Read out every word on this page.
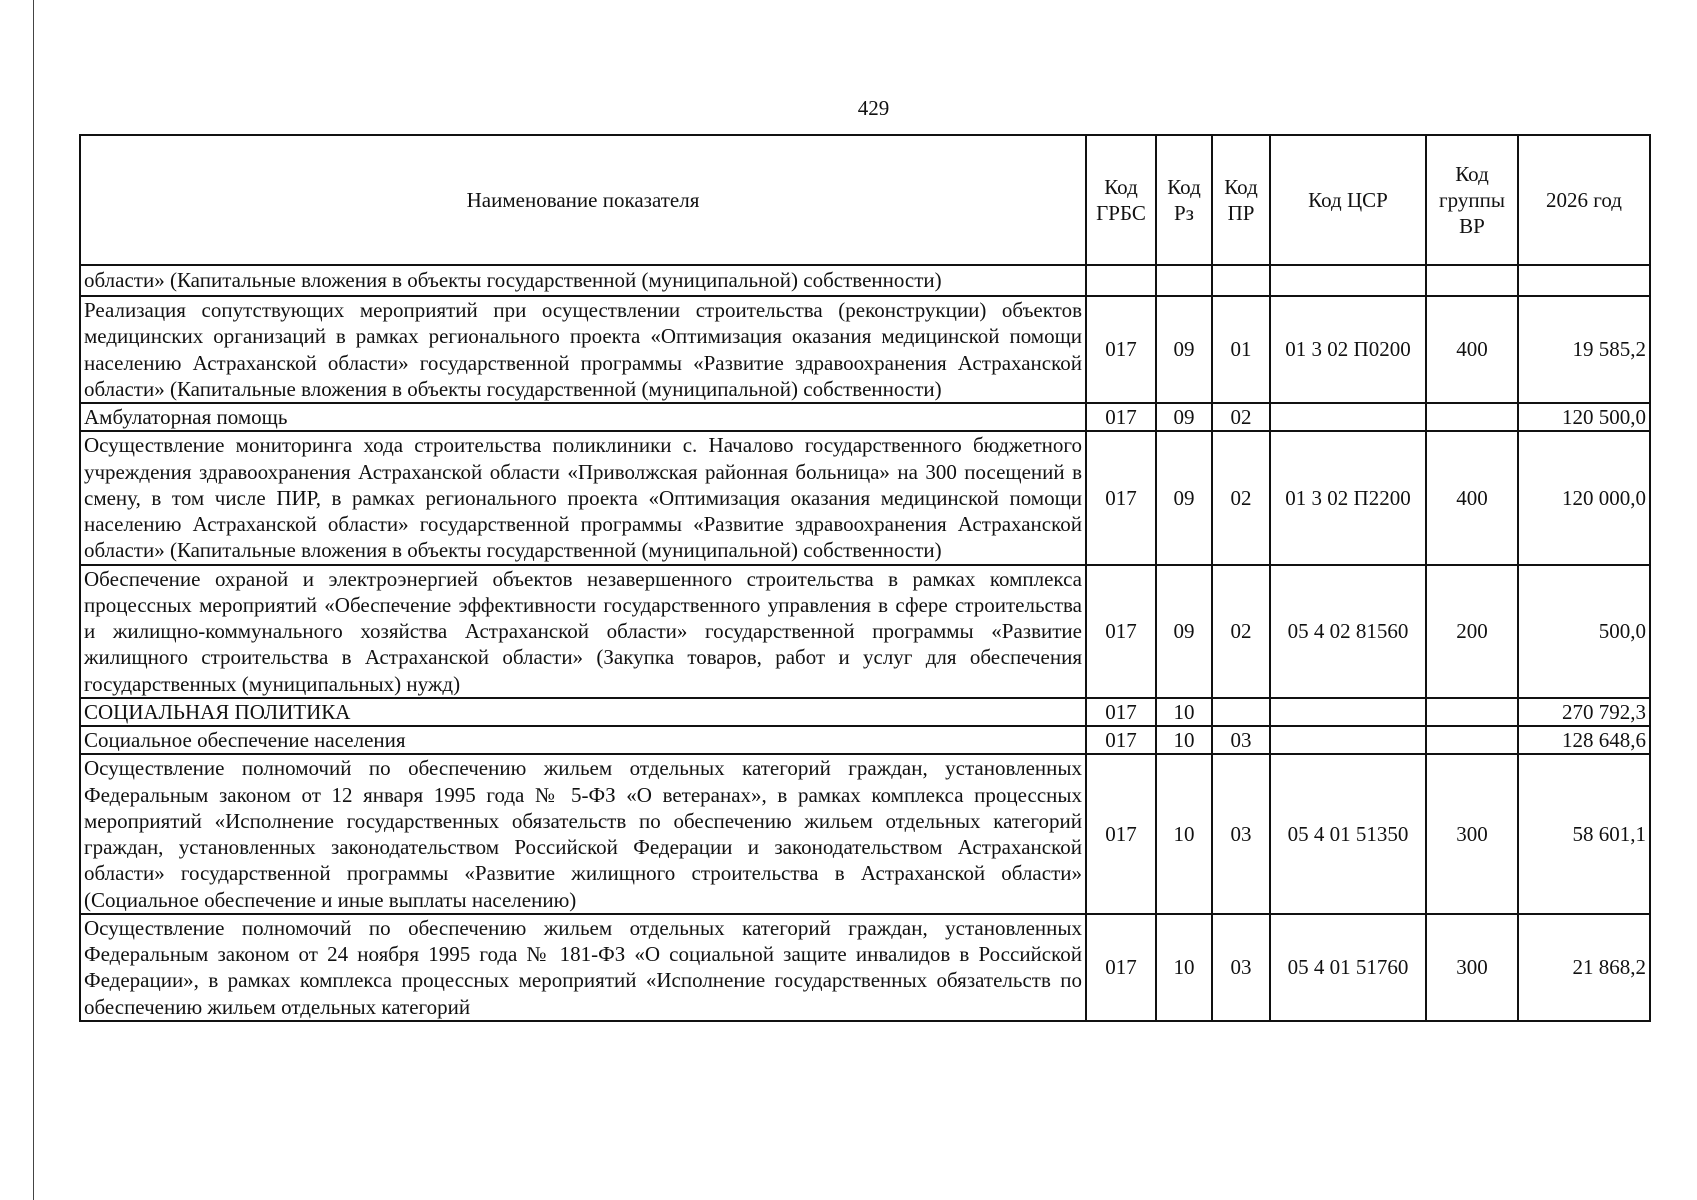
429
Наименование показателя	Код ГРБС	Код Рз	Код ПР	Код ЦСР	Код группы ВР	2026 год
области» (Капитальные вложения в объекты государственной (муниципальной) собственности)						
Реализация сопутствующих мероприятий при осуществлении строительства (реконструкции) объектов медицинских организаций в рамках регионального проекта «Оптимизация оказания медицинской помощи населению Астраханской области» государственной программы «Развитие здравоохранения Астраханской области» (Капитальные вложения в объекты государственной (муниципальной) собственности)	017	09	01	01 3 02 П0200	400	19 585,2
Амбулаторная помощь	017	09	02			120 500,0
Осуществление мониторинга хода строительства поликлиники с. Началово государственного бюджетного учреждения здравоохранения Астраханской области «Приволжская районная больница» на 300 посещений в смену, в том числе ПИР, в рамках регионального проекта «Оптимизация оказания медицинской помощи населению Астраханской области» государственной программы «Развитие здравоохранения Астраханской области» (Капитальные вложения в объекты государственной (муниципальной) собственности)	017	09	02	01 3 02 П2200	400	120 000,0
Обеспечение охраной и электроэнергией объектов незавершенного строительства в рамках комплекса процессных мероприятий «Обеспечение эффективности государственного управления в сфере строительства и жилищно-коммунального хозяйства Астраханской области» государственной программы «Развитие жилищного строительства в Астраханской области» (Закупка товаров, работ и услуг для обеспечения государственных (муниципальных) нужд)	017	09	02	05 4 02 81560	200	500,0
СОЦИАЛЬНАЯ ПОЛИТИКА	017	10				270 792,3
Социальное обеспечение населения	017	10	03			128 648,6
Осуществление полномочий по обеспечению жильем отдельных категорий граждан, установленных Федеральным законом от 12 января 1995 года № 5-ФЗ «О ветеранах», в рамках комплекса процессных мероприятий «Исполнение государственных обязательств по обеспечению жильем отдельных категорий граждан, установленных законодательством Российской Федерации и законодательством Астраханской области» государственной программы «Развитие жилищного строительства в Астраханской области» (Социальное обеспечение и иные выплаты населению)	017	10	03	05 4 01 51350	300	58 601,1
Осуществление полномочий по обеспечению жильем отдельных категорий граждан, установленных Федеральным законом от 24 ноября 1995 года № 181-ФЗ «О социальной защите инвалидов в Российской Федерации», в рамках комплекса процессных мероприятий «Исполнение государственных обязательств по обеспечению жильем отдельных категорий	017	10	03	05 4 01 51760	300	21 868,2
